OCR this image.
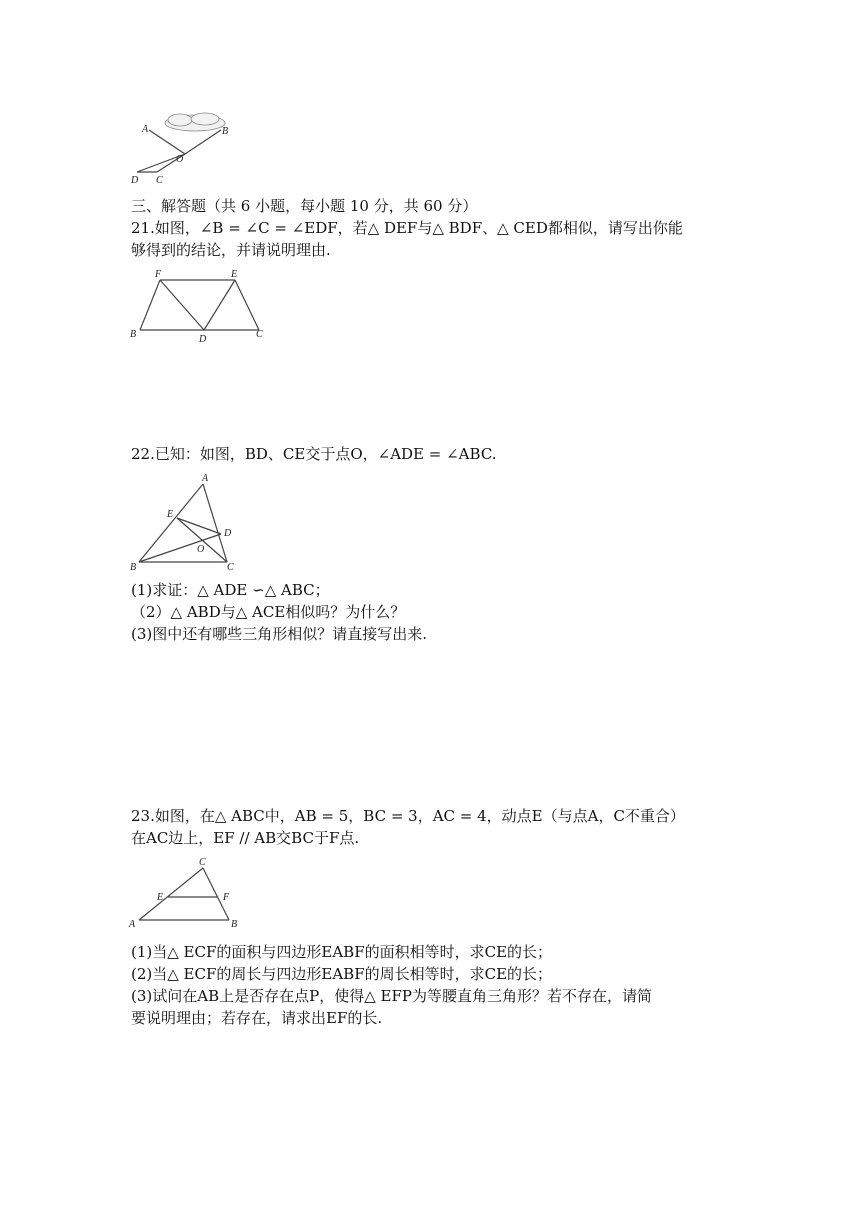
A	B
O
D C
三、解答题（共 6 小题，每小题 10 分，共 60 分）
21.如图，∠B = ∠C = ∠EDF，若△ DEF与△ BDF、△ CED都相似，请写出你能
够得到的结论，并请说明理由.
F	E
B	D	C
22.已知：如图，BD、CE交于点O，∠ADE = ∠ABC.
A
E
D
O
B	C
(1)求证：△ ADE ∽△ ABC；
（2）△ ABD与△ ACE相似吗？为什么？
(3)图中还有哪些三角形相似？请直接写出来.
23.如图，在△ ABC中，AB = 5，BC = 3，AC = 4，动点E（与点A，C不重合）
在AC边上，EF // AB交BC于F点.
C
E	F
A	B
(1)当△ ECF的面积与四边形EABF的面积相等时，求CE的长；
(2)当△ ECF的周长与四边形EABF的周长相等时，求CE的长；
(3)试问在AB上是否存在点P，使得△ EFP为等腰直角三角形？若不存在，请简
要说明理由；若存在，请求出EF的长.
